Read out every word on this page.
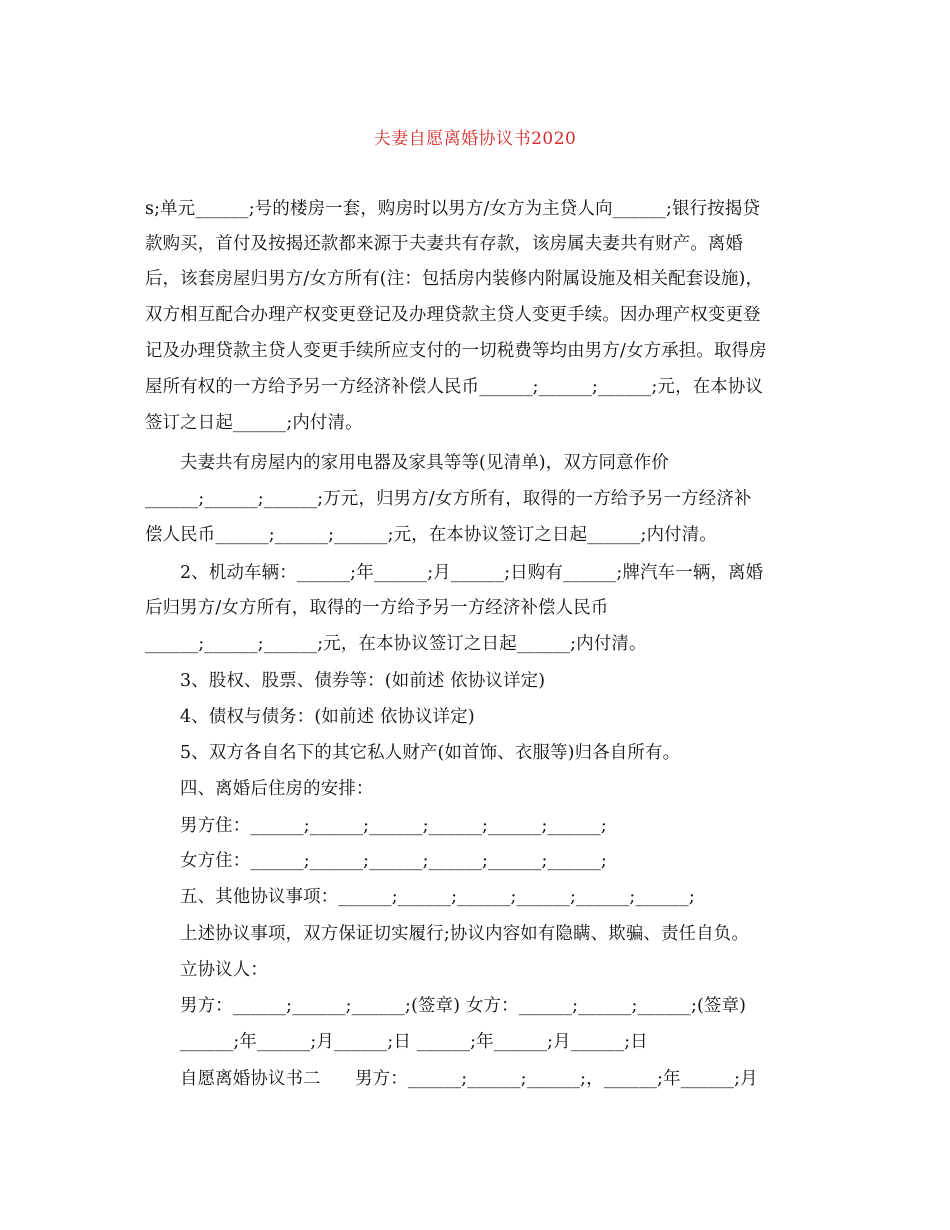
夫妻自愿离婚协议书2020
s;单元______;号的楼房一套，购房时以男方/女方为主贷人向______;银行按揭贷
款购买，首付及按揭还款都来源于夫妻共有存款，该房属夫妻共有财产。离婚
后，该套房屋归男方/女方所有(注：包括房内装修内附属设施及相关配套设施)，
双方相互配合办理产权变更登记及办理贷款主贷人变更手续。因办理产权变更登
记及办理贷款主贷人变更手续所应支付的一切税费等均由男方/女方承担。取得房
屋所有权的一方给予另一方经济补偿人民币______;______;______;元，在本协议
签订之日起______;内付清。
夫妻共有房屋内的家用电器及家具等等(见清单)，双方同意作价
______;______;______;万元，归男方/女方所有，取得的一方给予另一方经济补
偿人民币______;______;______;元，在本协议签订之日起______;内付清。
2、机动车辆：______;年______;月______;日购有______;牌汽车一辆，离婚
后归男方/女方所有，取得的一方给予另一方经济补偿人民币
______;______;______;元，在本协议签订之日起______;内付清。
3、股权、股票、债券等：(如前述 依协议详定)
4、债权与债务：(如前述 依协议详定)
5、双方各自名下的其它私人财产(如首饰、衣服等)归各自所有。
四、离婚后住房的安排：
男方住：______;______;______;______;______;______;
女方住：______;______;______;______;______;______;
五、其他协议事项：______;______;______;______;______;______;
上述协议事项，双方保证切实履行;协议内容如有隐瞒、欺骗、责任自负。
立协议人：
男方：______;______;______;(签章) 女方：______;______;______;(签章)
______;年______;月______;日 ______;年______;月______;日
自愿离婚协议书二      男方：______;______;______;，______;年______;月
